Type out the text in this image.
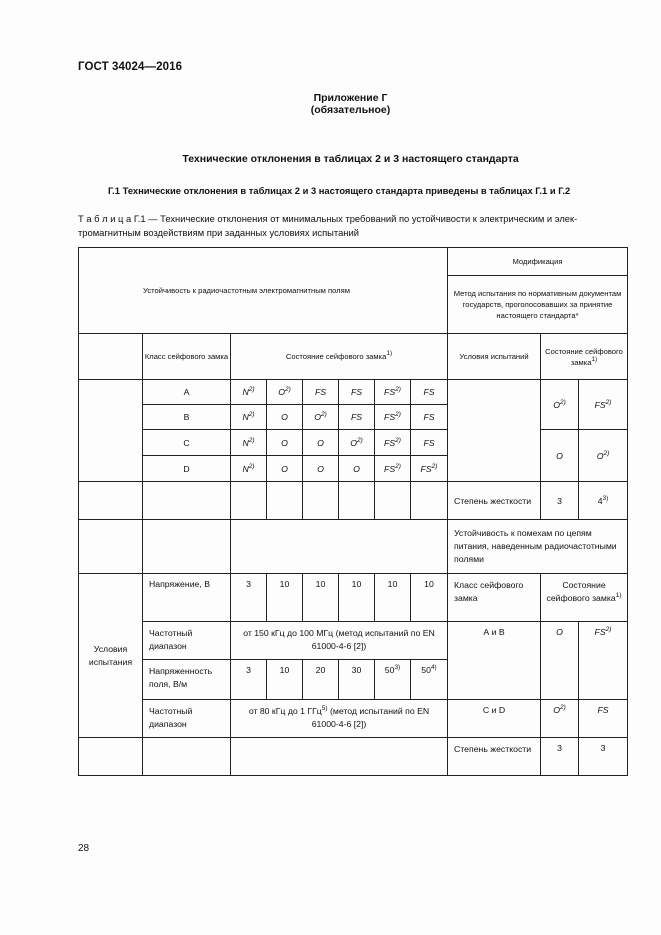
ГОСТ 34024—2016
Приложение Г
(обязательное)
Технические отклонения в таблицах 2 и 3 настоящего стандарта
Г.1 Технические отклонения в таблицах 2 и 3 настоящего стандарта приведены в таблицах Г.1 и Г.2
Т а б л и ц а Г.1 — Технические отклонения от минимальных требований по устойчивости к электрическим и элек-тромагнитным воздействиям при заданных условиях испытаний
Устойчивость к радиочастотным электромагнитным полям								Модификация		
								Метод испытания по нормативным документам государств, проголосовавших за принятие настоящего стандарта*		
	Класс сейфового замка	Состояние сейфового замка$^{1)}$						Условия испытаний	Состояние сейфового замка$^{1)}$
	A	$N^{2)}$	$O^{2)}$	FS	FS	FS$^{2)}$	FS		$O^{2)}$	FS$^{2)}$
	B	$N^{2)}$	O	$O^{2)}$	FS	FS$^{2)}$	FS			
	C	$N^{2)}$	O	O	$O^{2)}$	FS$^{2)}$	FS		O	$O^{2)}$
	D	$N^{2)}$	O	O	O	FS$^{2)}$	FS$^{2)}$
								Степень жесткости	3	4$^{3)}$
								Устойчивость к помехам по цепям питания, наведенным радиочастотными полями		
Условия испытания	Напряжение, В	3	10	10	10	10	10	Класс сейфового замка	Состояние сейфового замка$^{1)}$
	Частотный диапазон	от 150 кГц до 100 МГц (метод испытаний по EN 61000-4-6 [2])						А и В	O	FS$^{2)}$
	Напряженность поля, В/м	3	10	20	30	50$^{3)}$	50$^{4)}$
	Частотный диапазон	от 80 кГц до 1 ГГц$^{5)}$ (метод испытаний по EN 61000-4-6 [2])						С и D	$O^{2)}$	FS
								Степень жесткости	3	3
28
